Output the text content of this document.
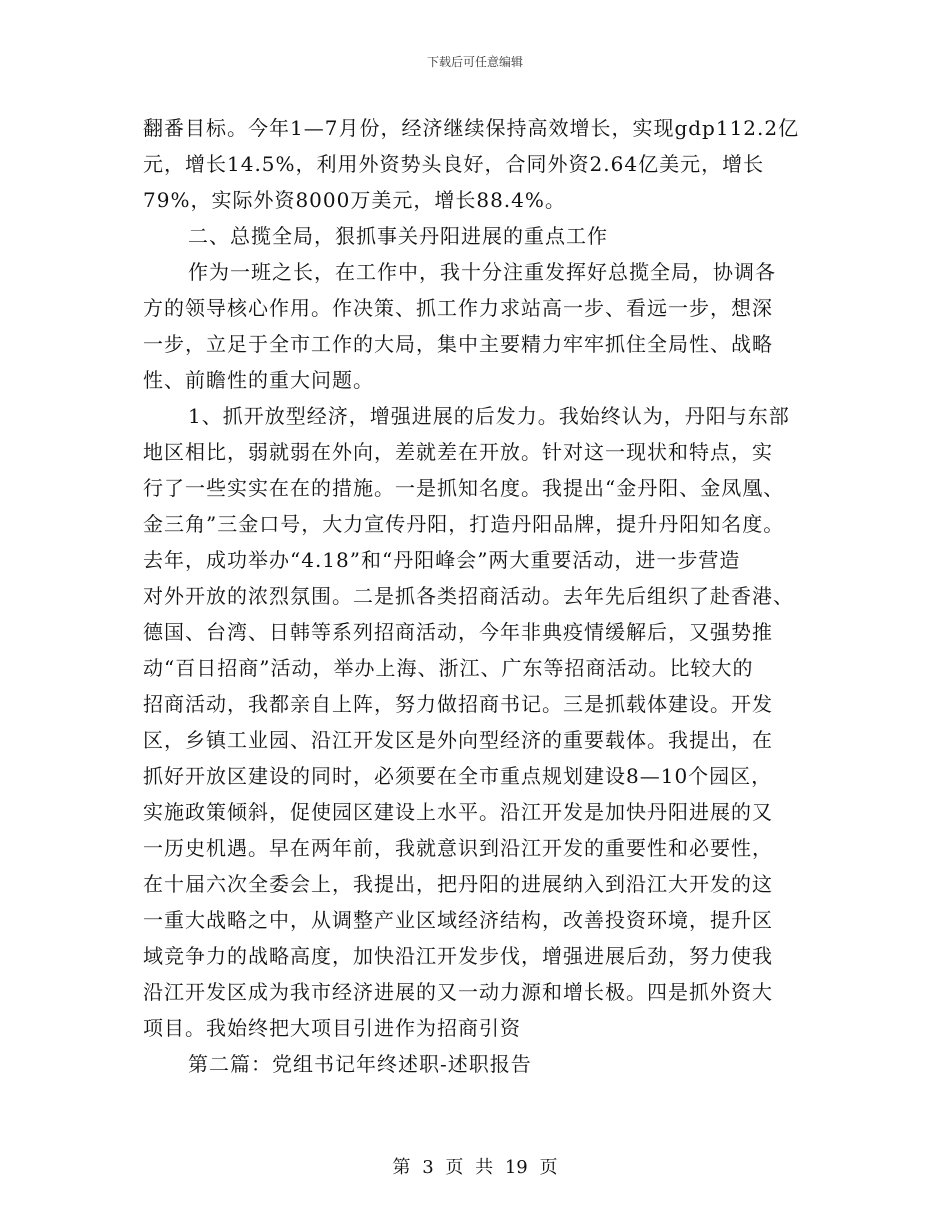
下载后可任意编辑
翻番目标。今年1—7月份，经济继续保持高效增长，实现gdp112.2亿
元，增长14.5%，利用外资势头良好，合同外资2.64亿美元，增长
79%，实际外资8000万美元，增长88.4%。
二、总揽全局，狠抓事关丹阳进展的重点工作
作为一班之长，在工作中，我十分注重发挥好总揽全局，协调各
方的领导核心作用。作决策、抓工作力求站高一步、看远一步，想深
一步，立足于全市工作的大局，集中主要精力牢牢抓住全局性、战略
性、前瞻性的重大问题。
1、抓开放型经济，增强进展的后发力。我始终认为，丹阳与东部
地区相比，弱就弱在外向，差就差在开放。针对这一现状和特点，实
行了一些实实在在的措施。一是抓知名度。我提出“金丹阳、金凤凰、
金三角”三金口号，大力宣传丹阳，打造丹阳品牌，提升丹阳知名度。
去年，成功举办“4.18”和“丹阳峰会”两大重要活动，进一步营造
对外开放的浓烈氛围。二是抓各类招商活动。去年先后组织了赴香港、
德国、台湾、日韩等系列招商活动，今年非典疫情缓解后，又强势推
动“百日招商”活动，举办上海、浙江、广东等招商活动。比较大的
招商活动，我都亲自上阵，努力做招商书记。三是抓载体建设。开发
区，乡镇工业园、沿江开发区是外向型经济的重要载体。我提出，在
抓好开放区建设的同时，必须要在全市重点规划建设8—10个园区，
实施政策倾斜，促使园区建设上水平。沿江开发是加快丹阳进展的又
一历史机遇。早在两年前，我就意识到沿江开发的重要性和必要性，
在十届六次全委会上，我提出，把丹阳的进展纳入到沿江大开发的这
一重大战略之中，从调整产业区域经济结构，改善投资环境，提升区
域竞争力的战略高度，加快沿江开发步伐，增强进展后劲，努力使我
沿江开发区成为我市经济进展的又一动力源和增长极。四是抓外资大
项目。我始终把大项目引进作为招商引资
第二篇：党组书记年终述职-述职报告
第 3 页 共 19 页
